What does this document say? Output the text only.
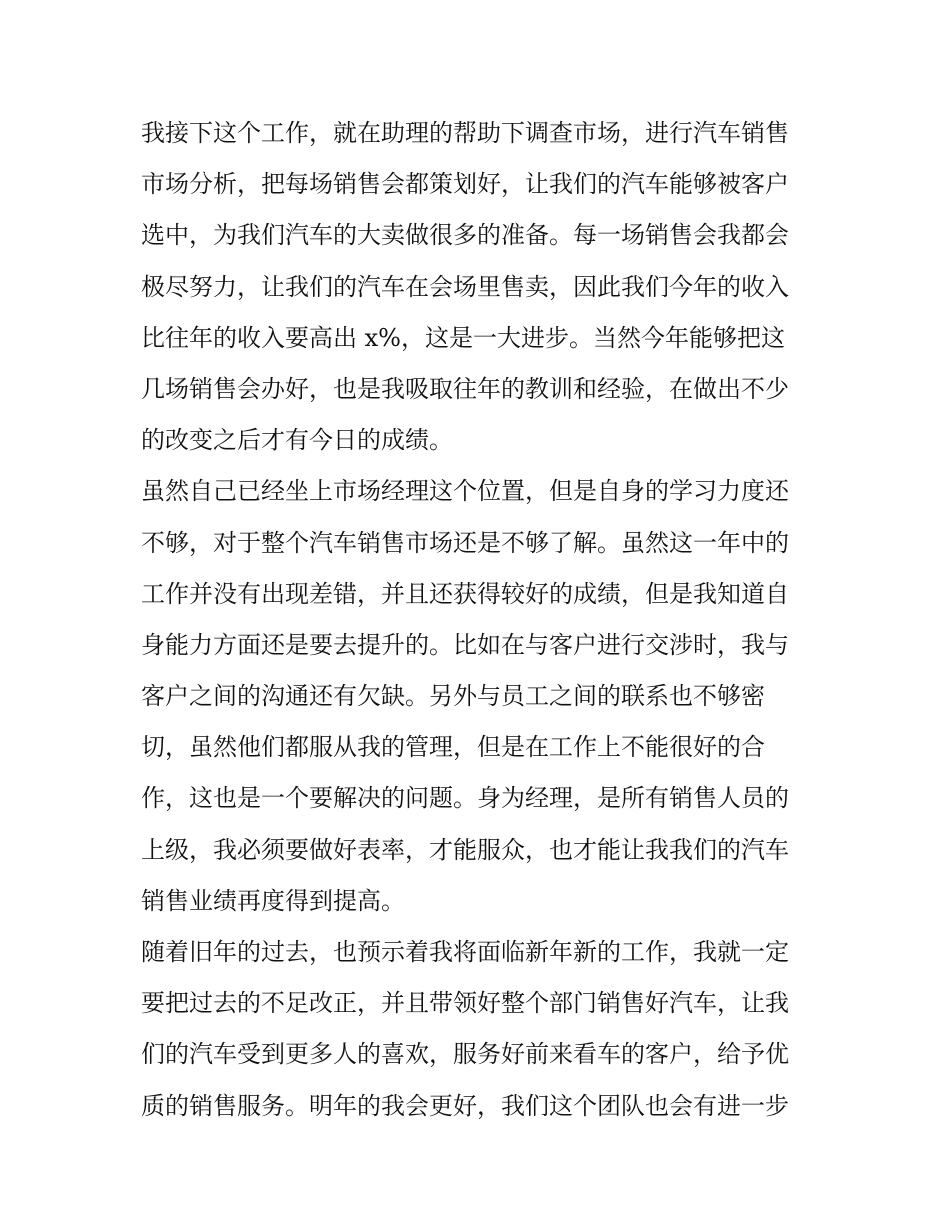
我接下这个工作，就在助理的帮助下调查市场，进行汽车销售
市场分析，把每场销售会都策划好，让我们的汽车能够被客户
选中，为我们汽车的大卖做很多的准备。每一场销售会我都会
极尽努力，让我们的汽车在会场里售卖，因此我们今年的收入
比往年的收入要高出 x%，这是一大进步。当然今年能够把这
几场销售会办好，也是我吸取往年的教训和经验，在做出不少
的改变之后才有今日的成绩。
虽然自己已经坐上市场经理这个位置，但是自身的学习力度还
不够，对于整个汽车销售市场还是不够了解。虽然这一年中的
工作并没有出现差错，并且还获得较好的成绩，但是我知道自
身能力方面还是要去提升的。比如在与客户进行交涉时，我与
客户之间的沟通还有欠缺。另外与员工之间的联系也不够密
切，虽然他们都服从我的管理，但是在工作上不能很好的合
作，这也是一个要解决的问题。身为经理，是所有销售人员的
上级，我必须要做好表率，才能服众，也才能让我我们的汽车
销售业绩再度得到提高。
随着旧年的过去，也预示着我将面临新年新的工作，我就一定
要把过去的不足改正，并且带领好整个部门销售好汽车，让我
们的汽车受到更多人的喜欢，服务好前来看车的客户，给予优
质的销售服务。明年的我会更好，我们这个团队也会有进一步
